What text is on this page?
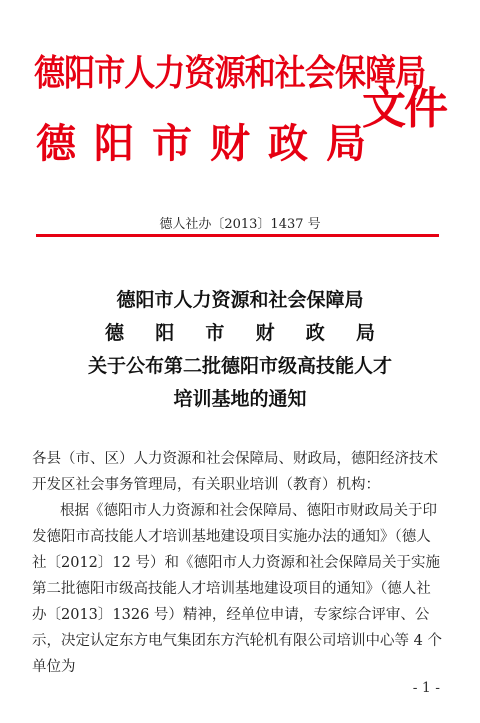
德阳市人力资源和社会保障局
德 阳 市 财 政 局
文件
德人社办〔2013〕1437 号
德阳市人力资源和社会保障局
德 阳 市 财 政 局
关于公布第二批德阳市级高技能人才
培训基地的通知
各县（市、区）人力资源和社会保障局、财政局，德阳经济技术开发区社会事务管理局，有关职业培训（教育）机构：
根据《德阳市人力资源和社会保障局、德阳市财政局关于印发德阳市高技能人才培训基地建设项目实施办法的通知》（德人社〔2012〕12 号）和《德阳市人力资源和社会保障局关于实施第二批德阳市级高技能人才培训基地建设项目的通知》（德人社办〔2013〕1326 号）精神，经单位申请，专家综合评审、公示，决定认定东方电气集团东方汽轮机有限公司培训中心等 4 个单位为
- 1 -
